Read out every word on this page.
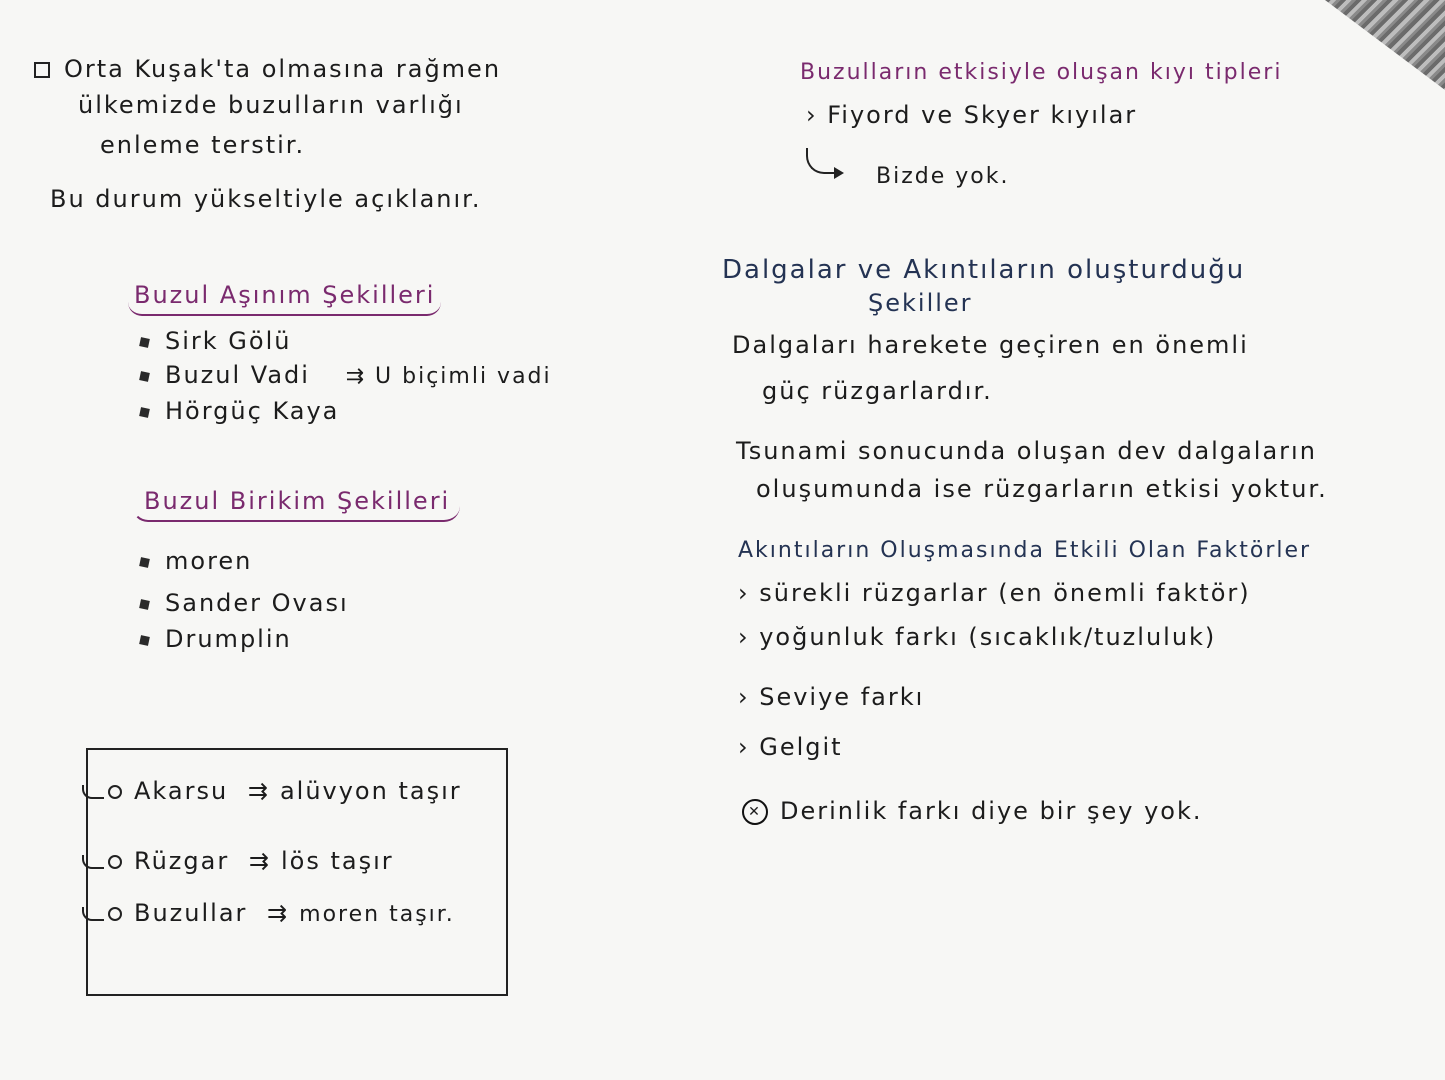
Orta Kuşak'ta olmasına rağmen
ülkemizde buzulların varlığı
enleme terstir.
Bu durum yükseltiyle açıklanır.
Buzul Aşınım Şekilleri
Sirk Gölü
Buzul Vadi ⇉ U biçimli vadi
Hörgüç Kaya
Buzul Birikim Şekilleri
moren
Sander Ovası
Drumplin
Akarsu ⇉ alüvyon taşır
Rüzgar ⇉ lös taşır
Buzullar ⇉ moren taşır.
Buzulların etkisiyle oluşan kıyı tipleri
› Fiyord ve Skyer kıyılar
Bizde yok.
Dalgalar ve Akıntıların oluşturduğu
Şekiller
Dalgaları harekete geçiren en önemli
güç rüzgarlardır.
Tsunami sonucunda oluşan dev dalgaların
oluşumunda ise rüzgarların etkisi yoktur.
Akıntıların Oluşmasında Etkili Olan Faktörler
› sürekli rüzgarlar (en önemli faktör)
› yoğunluk farkı (sıcaklık/tuzluluk)
› Seviye farkı
› Gelgit
✕ Derinlik farkı diye bir şey yok.
